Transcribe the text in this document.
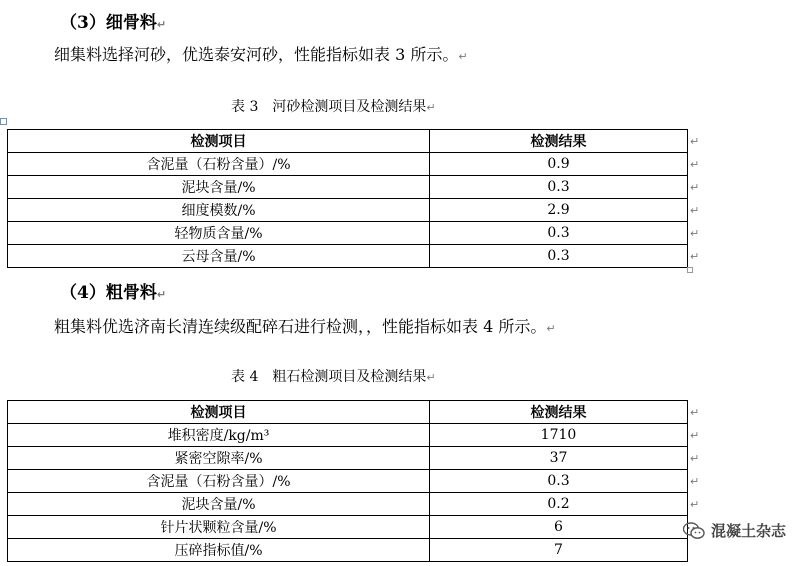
（3）细骨料↵
细集料选择河砂，优选泰安河砂，性能指标如表 3 所示。↵
表 3　河砂检测项目及检测结果↵
检测项目	检测结果
含泥量（石粉含量）/%	0.9
泥块含量/%	0.3
细度模数/%	2.9
轻物质含量/%	0.3
云母含量/%	0.3
↵
↵
↵
↵
↵
↵
（4）粗骨料↵
粗集料优选济南长清连续级配碎石进行检测，，性能指标如表 4 所示。↵
表 4　粗石检测项目及检测结果↵
检测项目	检测结果
堆积密度/kg/m³	1710
紧密空隙率/%	37
含泥量（石粉含量）/%	0.3
泥块含量/%	0.2
针片状颗粒含量/%	6
压碎指标值/%	7
↵
↵
↵
↵
↵
混凝土杂志
